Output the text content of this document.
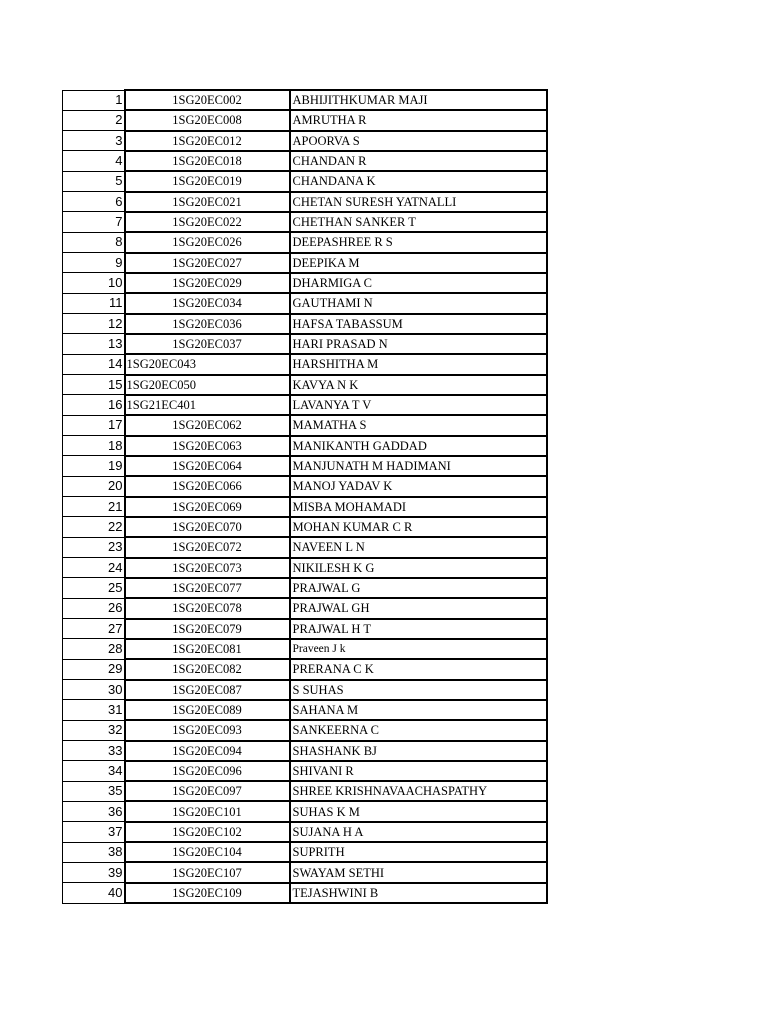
1	1SG20EC002	ABHIJITHKUMAR MAJI
2	1SG20EC008	AMRUTHA R
3	1SG20EC012	APOORVA S
4	1SG20EC018	CHANDAN R
5	1SG20EC019	CHANDANA K
6	1SG20EC021	CHETAN SURESH YATNALLI
7	1SG20EC022	CHETHAN SANKER T
8	1SG20EC026	DEEPASHREE R S
9	1SG20EC027	DEEPIKA M
10	1SG20EC029	DHARMIGA C
11	1SG20EC034	GAUTHAMI N
12	1SG20EC036	HAFSA TABASSUM
13	1SG20EC037	HARI PRASAD N
14	1SG20EC043	HARSHITHA M
15	1SG20EC050	KAVYA N K
16	1SG21EC401	LAVANYA T V
17	1SG20EC062	MAMATHA S
18	1SG20EC063	MANIKANTH GADDAD
19	1SG20EC064	MANJUNATH M HADIMANI
20	1SG20EC066	MANOJ YADAV K
21	1SG20EC069	MISBA MOHAMADI
22	1SG20EC070	MOHAN KUMAR C R
23	1SG20EC072	NAVEEN L N
24	1SG20EC073	NIKILESH K G
25	1SG20EC077	PRAJWAL G
26	1SG20EC078	PRAJWAL GH
27	1SG20EC079	PRAJWAL H T
28	1SG20EC081	Praveen J k
29	1SG20EC082	PRERANA C K
30	1SG20EC087	S SUHAS
31	1SG20EC089	SAHANA M
32	1SG20EC093	SANKEERNA C
33	1SG20EC094	SHASHANK BJ
34	1SG20EC096	SHIVANI R
35	1SG20EC097	SHREE KRISHNAVAACHASPATHY
36	1SG20EC101	SUHAS K M
37	1SG20EC102	SUJANA H A
38	1SG20EC104	SUPRITH
39	1SG20EC107	SWAYAM SETHI
40	1SG20EC109	TEJASHWINI B
